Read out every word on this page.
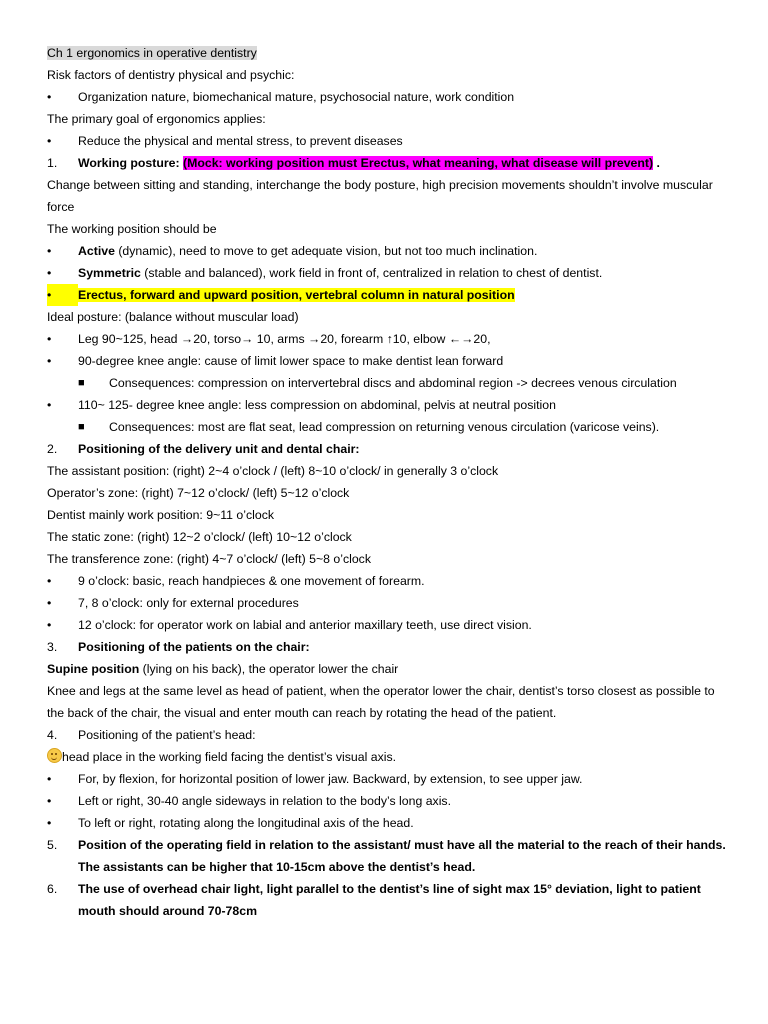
Ch 1 ergonomics in operative dentistry
Risk factors of dentistry physical and psychic:
•	Organization nature, biomechanical mature, psychosocial nature, work condition
The primary goal of ergonomics applies:
•	Reduce the physical and mental stress, to prevent diseases
1.	Working posture: (Mock: working position must Erectus, what meaning, what disease will prevent) .
Change between sitting and standing, interchange the body posture, high precision movements shouldn’t involve muscular force
The working position should be
•	Active (dynamic), need to move to get adequate vision, but not too much inclination.
•	Symmetric (stable and balanced), work field in front of, centralized in relation to chest of dentist.
•	Erectus, forward and upward position, vertebral column in natural position
Ideal posture: (balance without muscular load)
•	Leg 90~125, head →20, torso→ 10, arms →20, forearm ↑10, elbow ←→20,
•	90-degree knee angle: cause of limit lower space to make dentist lean forward
■	Consequences: compression on intervertebral discs and abdominal region -> decrees venous circulation
•	110~ 125- degree knee angle: less compression on abdominal, pelvis at neutral position
■	Consequences: most are flat seat, lead compression on returning venous circulation (varicose veins).
2.	Positioning of the delivery unit and dental chair:
The assistant position: (right) 2~4 o’clock / (left) 8~10 o’clock/ in generally 3 o’clock
Operator’s zone: (right) 7~12 o’clock/ (left) 5~12 o’clock
Dentist mainly work position: 9~11 o’clock
The static zone: (right) 12~2 o’clock/ (left) 10~12 o’clock
The transference zone: (right) 4~7 o’clock/ (left) 5~8 o’clock
•	9 o’clock: basic, reach handpieces & one movement of forearm.
•	7, 8 o’clock: only for external procedures
•	12 o’clock: for operator work on labial and anterior maxillary teeth, use direct vision.
3.	Positioning of the patients on the chair:
Supine position (lying on his back), the operator lower the chair
Knee and legs at the same level as head of patient, when the operator lower the chair, dentist’s torso closest as possible to the back of the chair, the visual and enter mouth can reach by rotating the head of the patient.
4.	Positioning of the patient’s head:
head place in the working field facing the dentist’s visual axis.
•	For, by flexion, for horizontal position of lower jaw. Backward, by extension, to see upper jaw.
•	Left or right, 30-40 angle sideways in relation to the body’s long axis.
•	To left or right, rotating along the longitudinal axis of the head.
5.	Position of the operating field in relation to the assistant/ must have all the material to the reach of their hands. The assistants can be higher that 10-15cm above the dentist’s head.
6.	The use of overhead chair light, light parallel to the dentist’s line of sight max 15° deviation, light to patient mouth should around 70-78cm
